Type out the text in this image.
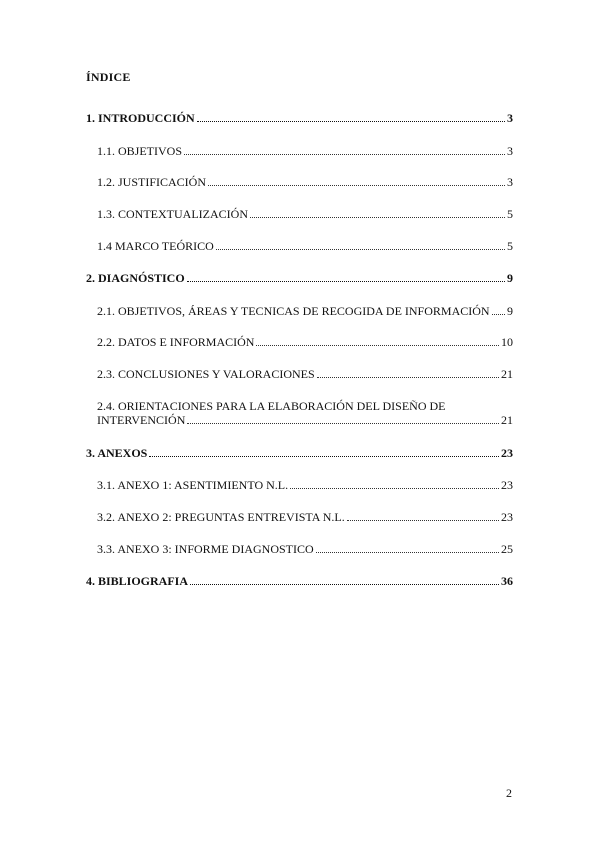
ÍNDICE
1. INTRODUCCIÓN	3
1.1. OBJETIVOS	3
1.2. JUSTIFICACIÓN	3
1.3. CONTEXTUALIZACIÓN	5
1.4 MARCO TEÓRICO	5
2. DIAGNÓSTICO	9
2.1. OBJETIVOS, ÁREAS Y TECNICAS DE RECOGIDA DE INFORMACIÓN 9
2.2. DATOS E INFORMACIÓN	10
2.3. CONCLUSIONES Y VALORACIONES	21
2.4. ORIENTACIONES PARA LA ELABORACIÓN DEL DISEÑO DE
INTERVENCIÓN	21
3. ANEXOS	23
3.1. ANEXO 1: ASENTIMIENTO N.L.	23
3.2. ANEXO 2: PREGUNTAS ENTREVISTA N.L.	23
3.3. ANEXO 3: INFORME DIAGNOSTICO	25
4. BIBLIOGRAFIA	36
2
